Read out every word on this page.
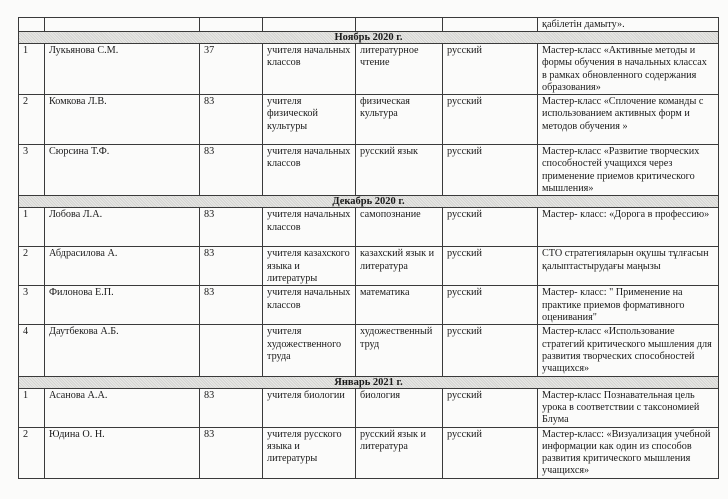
						қабілетін дамыту».
Ноябрь 2020 г.						
1	Лукьянова С.М.	37	учителя начальных классов	литературное чтение	русский	Мастер-класс «Активные методы и формы обучения в начальных классах в рамках обновленного содержания образования»
2	Комкова Л.В.	83	учителя физической культуры	физическая культура	русский	Мастер-класс «Сплочение команды с использованием активных форм и методов обучения »
3	Сюрсина Т.Ф.	83	учителя начальных классов	русский язык	русский	Мастер-класс «Развитие творческих способностей учащихся через применение приемов критического мышления»
Декабрь 2020 г.						
1	Лобова Л.А.	83	учителя начальных классов	самопознание	русский	Мастер- класс: «Дорога в профессию»
2	Абдрасилова А.	83	учителя казахского языка и литературы	казахский язык и литература	русский	СТО стратегияларын оқушы тұлғасын қалыптастырудағы маңызы
3	Филонова Е.П.	83	учителя начальных классов	математика	русский	Мастер- класс: " Применение на практике приемов формативного оценивания"
4	Даутбекова А.Б.		учителя художественного труда	художественный труд	русский	Мастер-класс «Использование стратегий критического мышления для развития творческих способностей учащихся»
Январь 2021 г.						
1	Асанова А.А.	83	учителя биологии	биология	русский	Мастер-класс Познавательная цель урока в соответствии с таксономией Блума
2	Юдина О. Н.	83	учителя русского языка и литературы	русский язык и литература	русский	Мастер-класс: «Визуализация учебной информации как один из способов развития критического мышления учащихся»
